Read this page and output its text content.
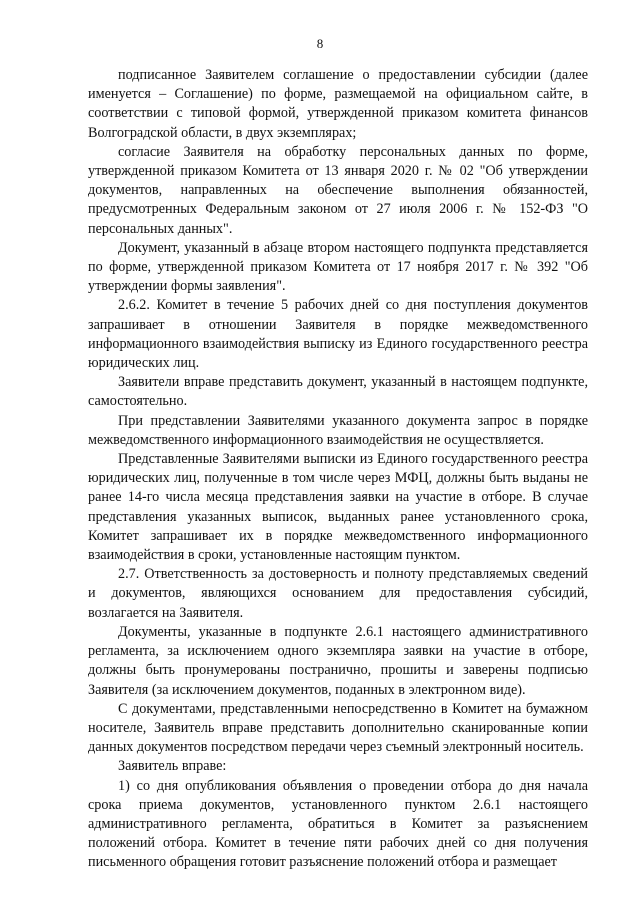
8

подписанное Заявителем соглашение о предоставлении субсидии (далее именуется – Соглашение) по форме, размещаемой на официальном сайте, в соответствии с типовой формой, утвержденной приказом комитета финансов Волгоградской области, в двух экземплярах;

согласие Заявителя на обработку персональных данных по форме, утвержденной приказом Комитета от 13 января 2020 г. № 02 "Об утверждении документов, направленных на обеспечение выполнения обязанностей, предусмотренных Федеральным законом от 27 июля 2006 г. № 152-ФЗ "О персональных данных".

Документ, указанный в абзаце втором настоящего подпункта представляется по форме, утвержденной приказом Комитета от 17 ноября 2017 г. № 392 "Об утверждении формы заявления".

2.6.2. Комитет в течение 5 рабочих дней со дня поступления документов запрашивает в отношении Заявителя в порядке межведомственного информационного взаимодействия выписку из Единого государственного реестра юридических лиц.

Заявители вправе представить документ, указанный в настоящем подпункте, самостоятельно.

При представлении Заявителями указанного документа запрос в порядке межведомственного информационного взаимодействия не осуществляется.

Представленные Заявителями выписки из Единого государственного реестра юридических лиц, полученные в том числе через МФЦ, должны быть выданы не ранее 14-го числа месяца представления заявки на участие в отборе. В случае представления указанных выписок, выданных ранее установленного срока, Комитет запрашивает их в порядке межведомственного информационного взаимодействия в сроки, установленные настоящим пунктом.

2.7. Ответственность за достоверность и полноту представляемых сведений и документов, являющихся основанием для предоставления субсидий, возлагается на Заявителя.

Документы, указанные в подпункте 2.6.1 настоящего административного регламента, за исключением одного экземпляра заявки на участие в отборе, должны быть пронумерованы постранично, прошиты и заверены подписью Заявителя (за исключением документов, поданных в электронном виде).

С документами, представленными непосредственно в Комитет на бумажном носителе, Заявитель вправе представить дополнительно сканированные копии данных документов посредством передачи через съемный электронный носитель.

Заявитель вправе:

1) со дня опубликования объявления о проведении отбора до дня начала срока приема документов, установленного пунктом 2.6.1 настоящего административного регламента, обратиться в Комитет за разъяснением положений отбора. Комитет в течение пяти рабочих дней со дня получения письменного обращения готовит разъяснение положений отбора и размещает
